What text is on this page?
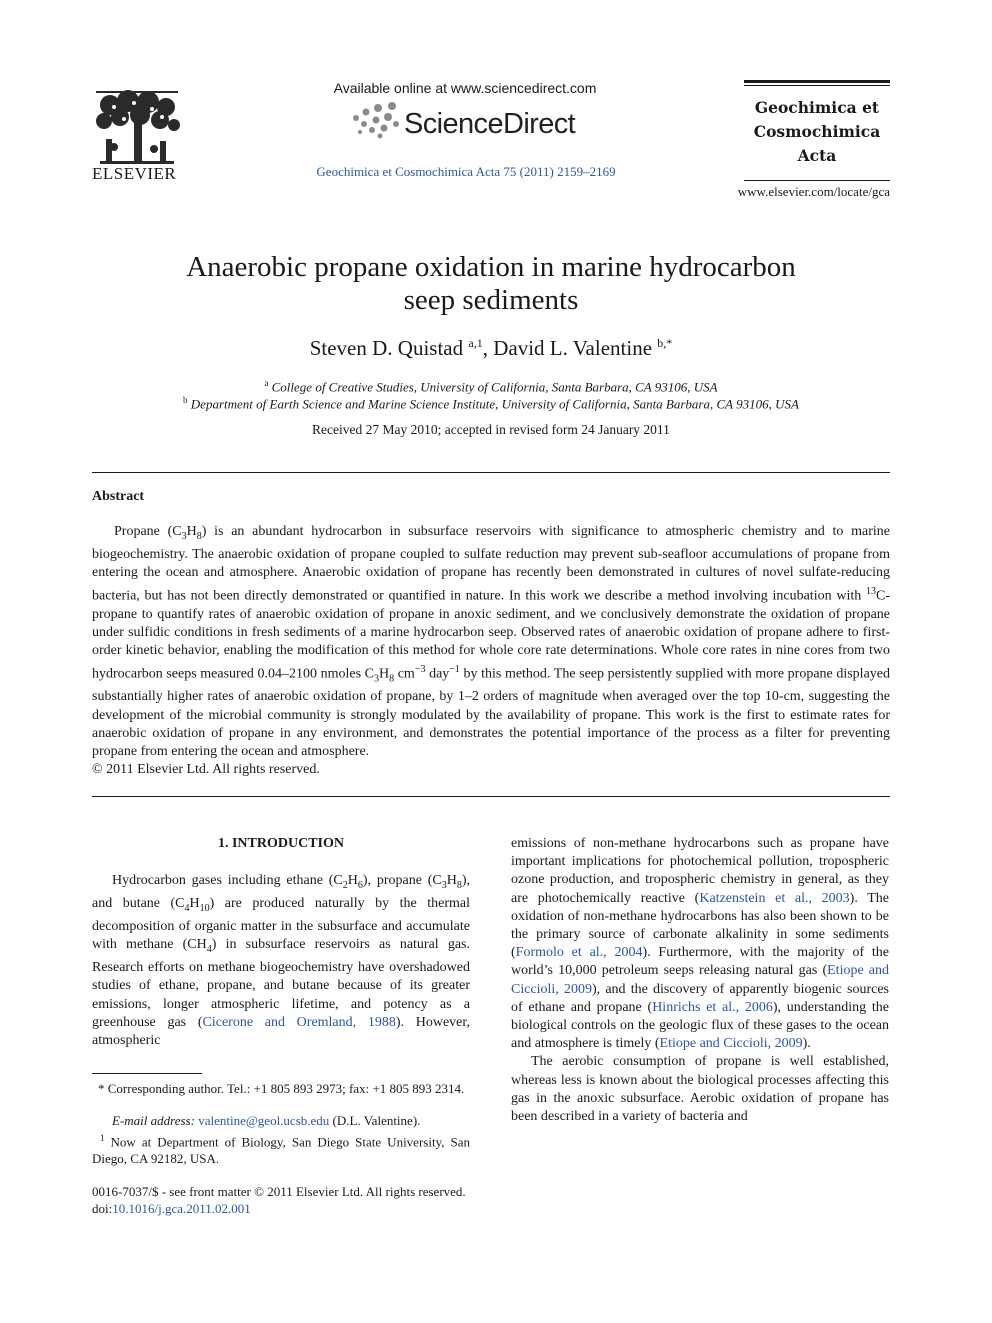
ELSEVIER
Available online at www.sciencedirect.com
ScienceDirect
Geochimica et Cosmochimica Acta 75 (2011) 2159–2169
Geochimica et
Cosmochimica
Acta
www.elsevier.com/locate/gca
Anaerobic propane oxidation in marine hydrocarbon
seep sediments
Steven D. Quistad $^{a,1}$, David L. Valentine $^{b,*}$
$^a$ College of Creative Studies, University of California, Santa Barbara, CA 93106, USA
$^b$ Department of Earth Science and Marine Science Institute, University of California, Santa Barbara, CA 93106, USA
Received 27 May 2010; accepted in revised form 24 January 2011
Abstract
Propane $(C_3H_8)$ is an abundant hydrocarbon in subsurface reservoirs with significance to atmospheric chemistry and to marine biogeochemistry. The anaerobic oxidation of propane coupled to sulfate reduction may prevent sub-seafloor accumulations of propane from entering the ocean and atmosphere. Anaerobic oxidation of propane has recently been demonstrated in cultures of novel sulfate-reducing bacteria, but has not been directly demonstrated or quantified in nature. In this work we describe a method involving incubation with $^{13}$C-propane to quantify rates of anaerobic oxidation of propane in anoxic sediment, and we conclusively demonstrate the oxidation of propane under sulfidic conditions in fresh sediments of a marine hydrocarbon seep. Observed rates of anaerobic oxidation of propane adhere to first-order kinetic behavior, enabling the modification of this method for whole core rate determinations. Whole core rates in nine cores from two hydrocarbon seeps measured 0.04–2100 nmoles $C_3H_8$ $cm^{-3}$ day$^{-1}$ by this method. The seep persistently supplied with more propane displayed substantially higher rates of anaerobic oxidation of propane, by 1–2 orders of magnitude when averaged over the top 10-cm, suggesting the development of the microbial community is strongly modulated by the availability of propane. This work is the first to estimate rates for anaerobic oxidation of propane in any environment, and demonstrates the potential importance of the process as a filter for preventing propane from entering the ocean and atmosphere.
© 2011 Elsevier Ltd. All rights reserved.
1. INTRODUCTION
Hydrocarbon gases including ethane $(C_2H_6)$, propane $(C_3H_8)$, and butane $(C_4H_{10})$ are produced naturally by the thermal decomposition of organic matter in the subsurface and accumulate with methane $(CH_4)$ in subsurface reservoirs as natural gas. Research efforts on methane biogeochemistry have overshadowed studies of ethane, propane, and butane because of its greater emissions, longer atmospheric lifetime, and potency as a greenhouse gas (Cicerone and Oremland, 1988). However, atmospheric

emissions of non-methane hydrocarbons such as propane have important implications for photochemical pollution, tropospheric ozone production, and tropospheric chemistry in general, as they are photochemically reactive (Katzenstein et al., 2003). The oxidation of non-methane hydrocarbons has also been shown to be the primary source of carbonate alkalinity in some sediments (Formolo et al., 2004). Furthermore, with the majority of the world’s 10,000 petroleum seeps releasing natural gas (Etiope and Ciccioli, 2009), and the discovery of apparently biogenic sources of ethane and propane (Hinrichs et al., 2006), understanding the biological controls on the geologic flux of these gases to the ocean and atmosphere is timely (Etiope and Ciccioli, 2009).

The aerobic consumption of propane is well established, whereas less is known about the biological processes affecting this gas in the anoxic subsurface. Aerobic oxidation of propane has been described in a variety of bacteria and

* Corresponding author. Tel.: +1 805 893 2973; fax: +1 805 893 2314.
E-mail address: valentine@geol.ucsb.edu (D.L. Valentine).
$^1$ Now at Department of Biology, San Diego State University, San Diego, CA 92182, USA.
0016-7037/$ - see front matter © 2011 Elsevier Ltd. All rights reserved.
doi:10.1016/j.gca.2011.02.001
